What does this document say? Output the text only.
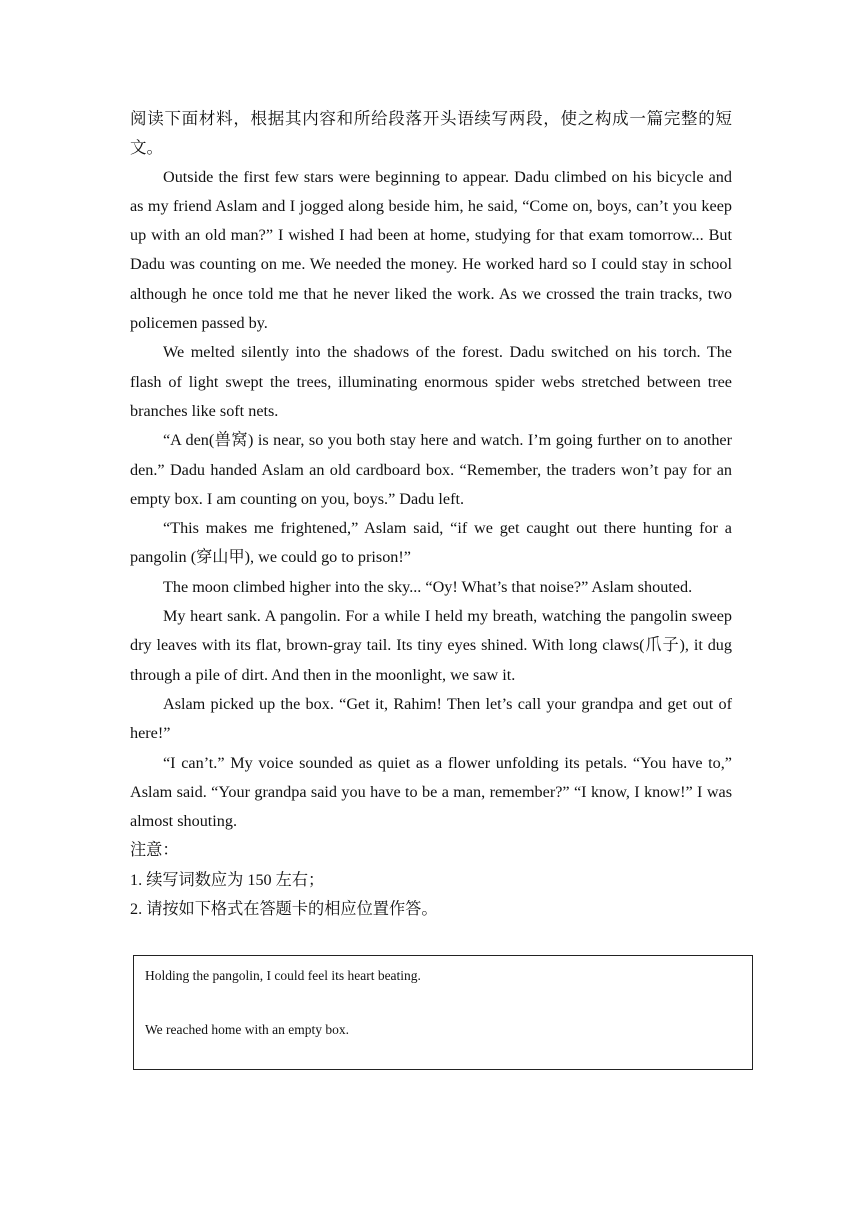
阅读下面材料，根据其内容和所给段落开头语续写两段，使之构成一篇完整的短文。

Outside the first few stars were beginning to appear. Dadu climbed on his bicycle and as my friend Aslam and I jogged along beside him, he said, “Come on, boys, can’t you keep up with an old man?” I wished I had been at home, studying for that exam tomorrow... But Dadu was counting on me. We needed the money. He worked hard so I could stay in school although he once told me that he never liked the work. As we crossed the train tracks, two policemen passed by.

We melted silently into the shadows of the forest. Dadu switched on his torch. The flash of light swept the trees, illuminating enormous spider webs stretched between tree branches like soft nets.

“A den(兽窝) is near, so you both stay here and watch. I’m going further on to another den.” Dadu handed Aslam an old cardboard box. “Remember, the traders won’t pay for an empty box. I am counting on you, boys.” Dadu left.

“This makes me frightened,” Aslam said, “if we get caught out there hunting for a pangolin (穿山甲), we could go to prison!”

The moon climbed higher into the sky... “Oy! What’s that noise?” Aslam shouted.

My heart sank. A pangolin. For a while I held my breath, watching the pangolin sweep dry leaves with its flat, brown-gray tail. Its tiny eyes shined. With long claws(爪子), it dug through a pile of dirt. And then in the moonlight, we saw it.

Aslam picked up the box. “Get it, Rahim! Then let’s call your grandpa and get out of here!”

“I can’t.” My voice sounded as quiet as a flower unfolding its petals. “You have to,” Aslam said. “Your grandpa said you have to be a man, remember?” “I know, I know!” I was almost shouting.

注意：

1. 续写词数应为 150 左右；

2. 请按如下格式在答题卡的相应位置作答。

Holding the pangolin, I could feel its heart beating.

We reached home with an empty box.
